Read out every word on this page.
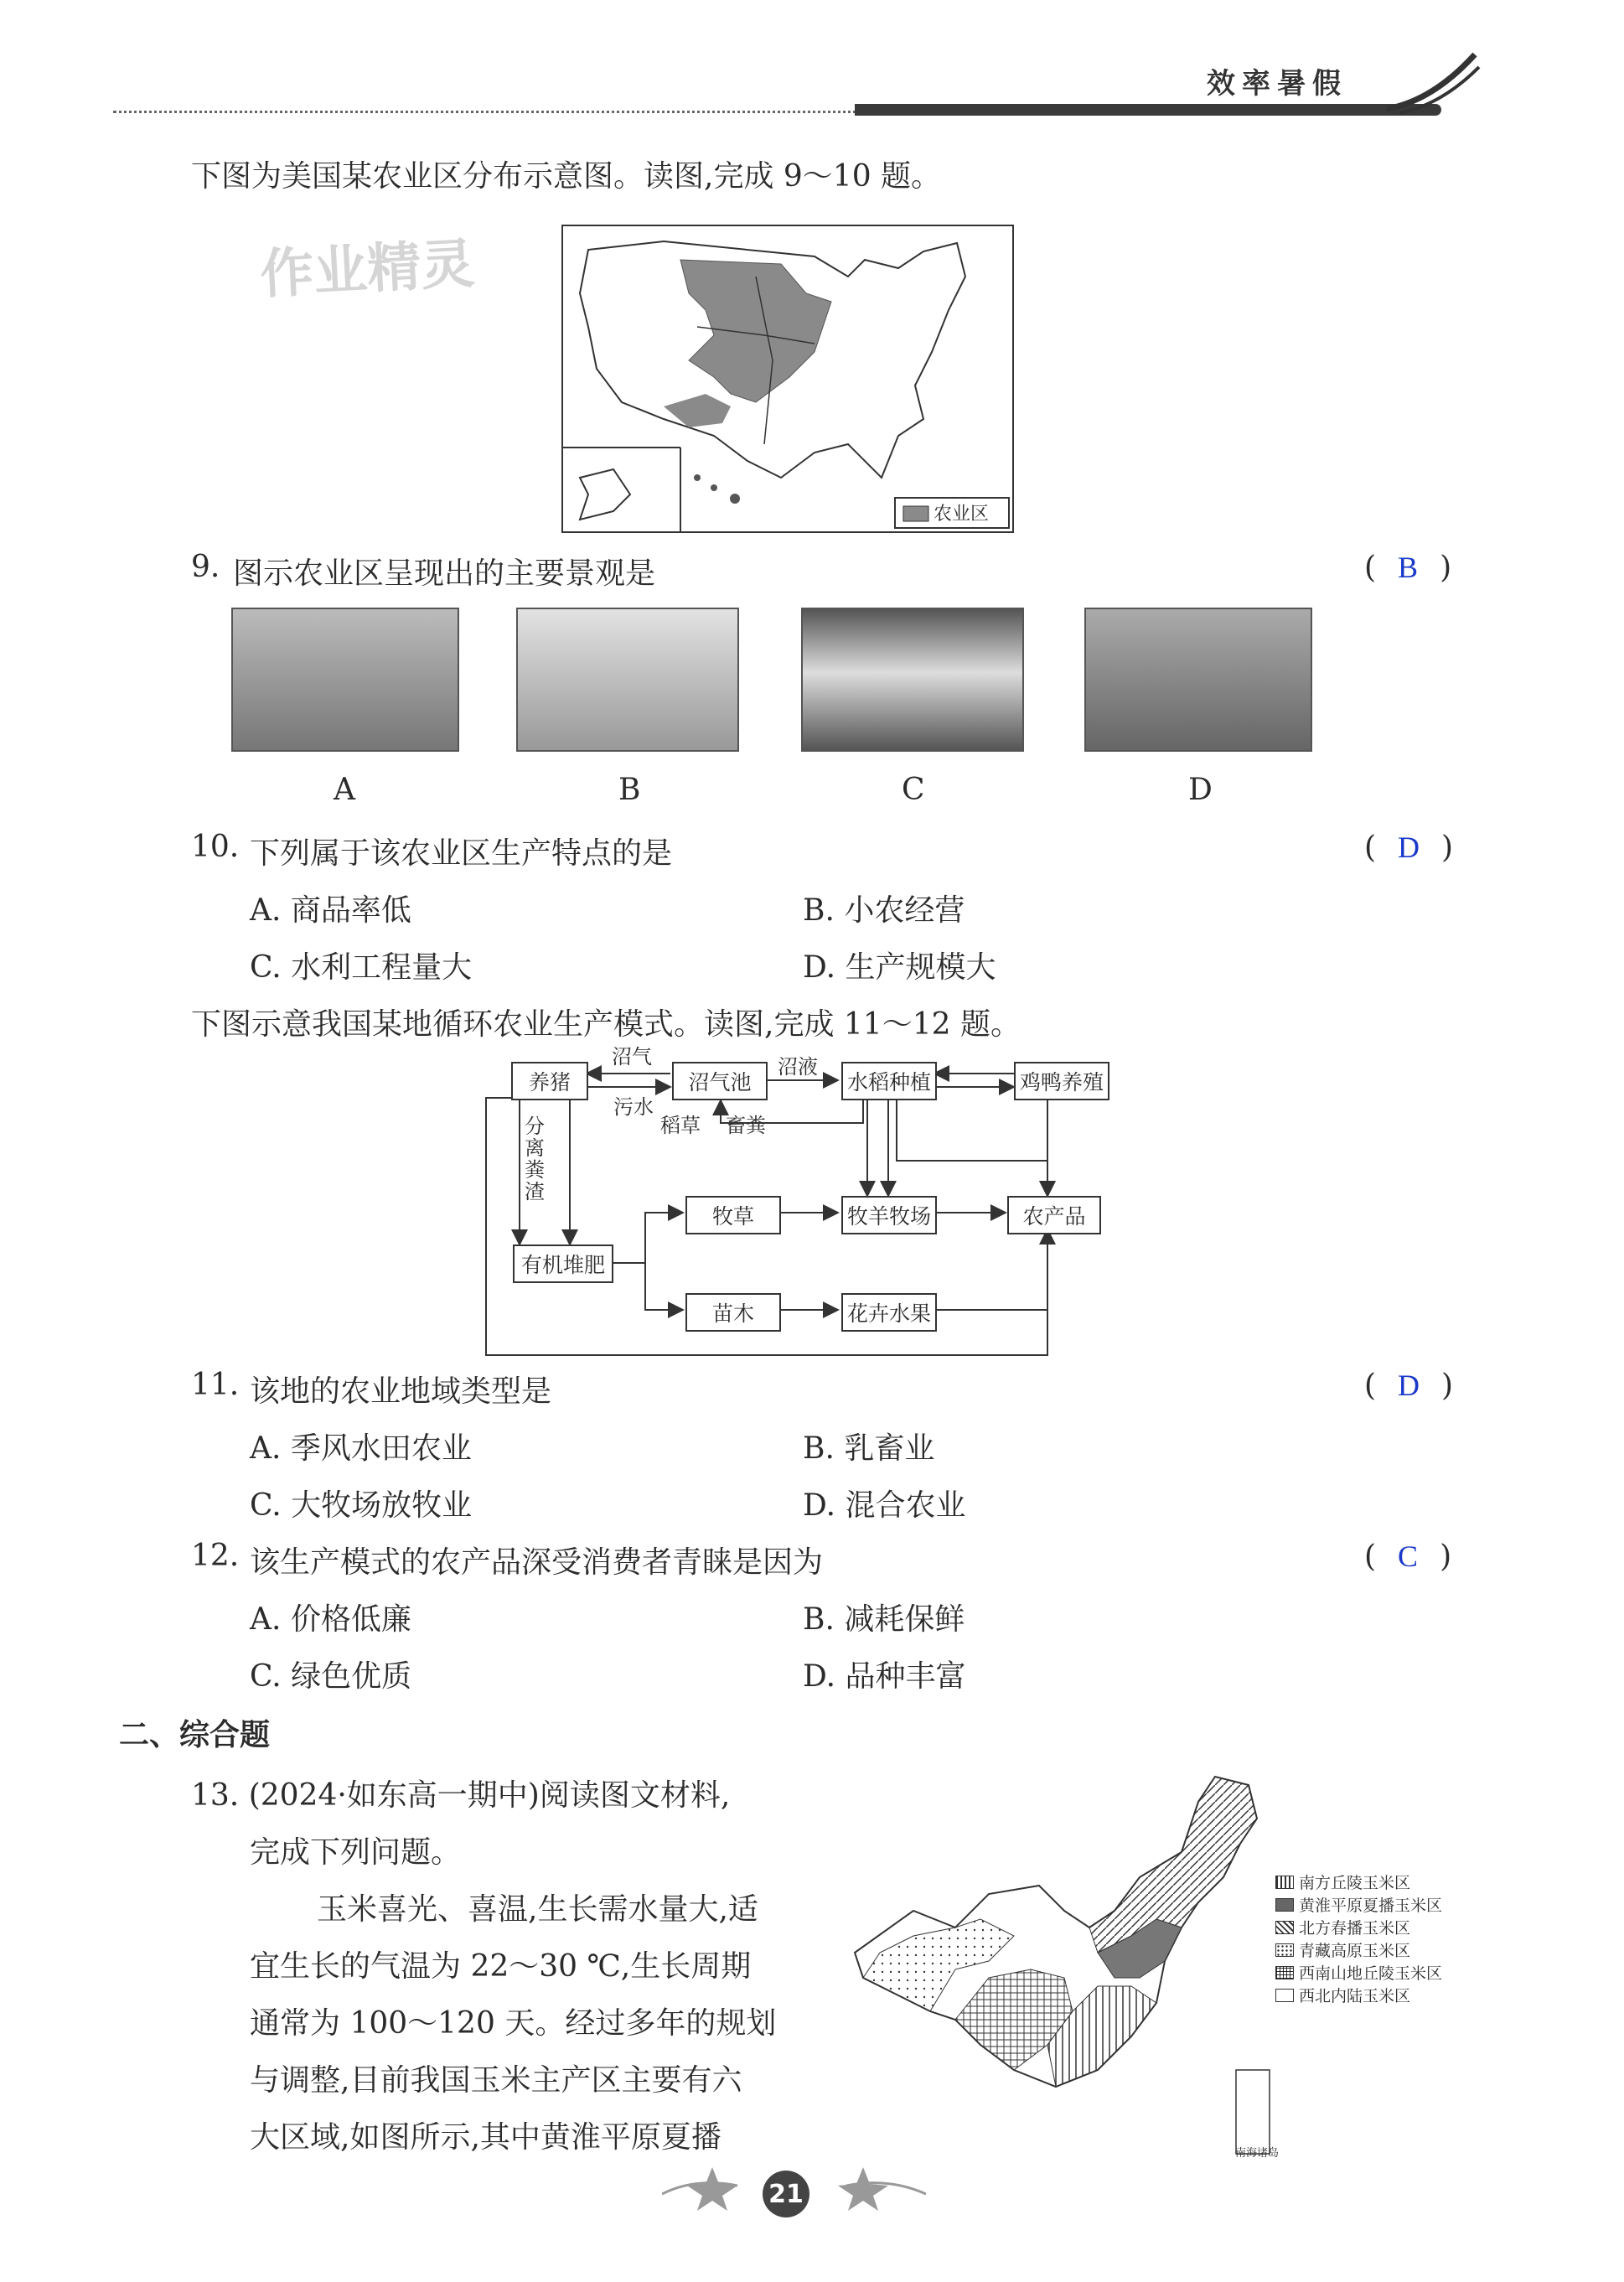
效率暑假
下图为美国某农业区分布示意图。读图,完成 9～10 题。
作业精灵
农业区
9. 图示农业区呈现出的主要景观是	( B )
A	B	C	D
10. 下列属于该农业区生产特点的是	( D )
A. 商品率低	B. 小农经营
C. 水利工程量大	D. 生产规模大
下图示意我国某地循环农业生产模式。读图,完成 11～12 题。
养猪	沼气池	水稻种植	鸡鸭养殖
牧草	牧羊牧场	农产品
有机堆肥
苗木	花卉水果
沼气
污水
沼液
稻草 畜粪
分离粪渣
11. 该地的农业地域类型是	( D )
A. 季风水田农业	B. 乳畜业
C. 大牧场放牧业	D. 混合农业
12. 该生产模式的农产品深受消费者青睐是因为	( C )
A. 价格低廉	B. 减耗保鲜
C. 绿色优质	D. 品种丰富
二、综合题
13. (2024·如东高一期中)阅读图文材料,
完成下列问题。
玉米喜光、喜温,生长需水量大,适
宜生长的气温为 22～30 ℃,生长周期
通常为 100～120 天。经过多年的规划
与调整,目前我国玉米主产区主要有六
大区域,如图所示,其中黄淮平原夏播	南海诸岛
南方丘陵玉米区
黄淮平原夏播玉米区
北方春播玉米区
青藏高原玉米区
西南山地丘陵玉米区
西北内陆玉米区
21
